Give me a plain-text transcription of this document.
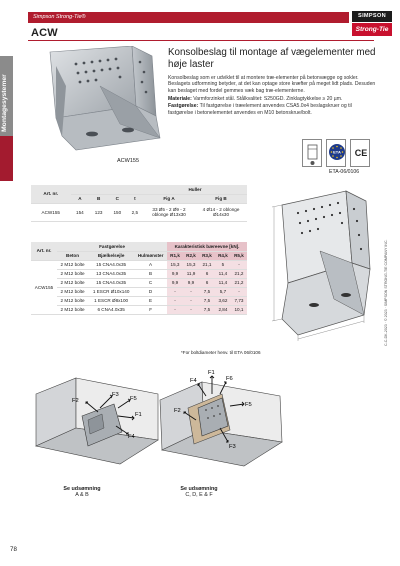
Simpson Strong-Tie®
ACW
SIMPSON
Strong-Tie
Montagesystemer
ACW155
Konsolbeslag til montage af vægelementer med høje laster

Konsolbeslag som er udviklet til at montere træ-elementer på betonvægge og sokler. Beslagets udformning betyder, at det kan optage store kræfter på meget lidt plads. Desuden kan beslaget med fordel gemmes væk bag træ-elementerne.

Materiale: Varmforzinket stål. Stålkvalitet: S250GD. Zinklagtykkelse ≥ 20 µm.

Fastgørelse: Til fastgørelse i træelement anvendes CSA5.0x4 beslagskruer og til fastgørelse i betonelementet anvendes en M10 betonskrue/bolt.

ETA CE
ETA-06/0106
Art. nr.					Huller	
	A	B	C	t	Fig A	Fig B
ACW155	154	123	150	2,5	33 Ø5 - 2 Ø9 - 2 oblonge Ø13x30	4 Ø14 - 2 oblonge Ø14x30
Art. nr.	Fastgørelse			Karakteristisk bæreevne [kN].				
	Beton	Bjælke/sejle	Hulmønster	R1,k	R2,k	R3,k	R4,k	R5,k
ACW155	2 M12 bolte	15 CNA4.0x35	A	15,3	15,3	21,1	5	-
	2 M12 bolte	13 CNA4.0x35	B	9,9	11,9	6	11,4	21,2
	2 M12 bolte	15 CNA4.0x35	C	9,9	9,9	6	11,4	21,2
	2 M12 bolte	1 ESCR Ø10x140	D	-	-	7,5	5,7	-
	2 M12 bolte	1 ESCR Ø8x100	E	-	-	7,5	3,62	7,73
	2 M12 bolte	6 CNA4.0x35	F	-	-	7,5	2,84	10,1
*For boltdiameter henv. til ETA 06/0106
C-C-DK-2023 · © 2023 · SIMPSON STRONG-TIE COMPANY INC.
F3
F2	F5
F1
F4
Se udsømning
A & B
F1
F4	F6
F5
F2
F3
Se udsømning
C, D, E & F
78
